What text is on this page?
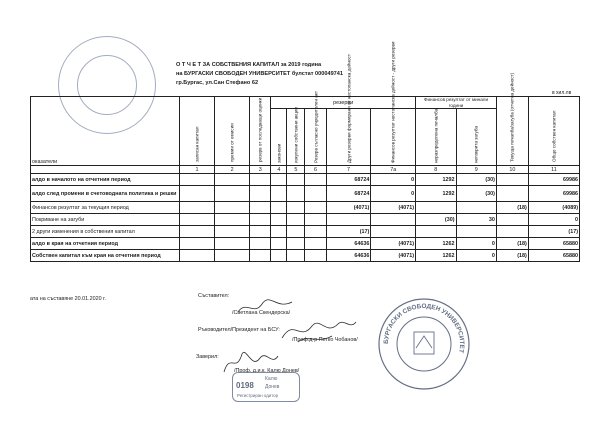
О Т Ч Е Т ЗА СОБСТВЕНИЯ КАПИТАЛ за 2019 година
на БУРГАСКИ СВОБОДЕН УНИВЕРСИТЕТ булстат 000049741
гр.Бургас, ул.Сан Стефано 62
в хил.лв
оказатели	записан капитал	премии от емисии	резерв от последващи оценки	резерви					Финансов резултат от минали години		Текуща печалба/загуба (отчетна дейност)	Общо собствен капитал

				законови	изкупени собствени акции	Резерв съгласно учредителен акт	Други резерви формирани от нестопанска дейност	Финансов резултат нестопанска дейност - други резерви	неразпределена печалба	непокрита загуба		

	1	2	3	4	5	6	7	7a	8	9	10	11
алдо в началото на отчетния период							68724	0	1292	(30)		69986
алдо след промени в счетоводната политика и решки							68724	0	1292	(30)		69986
Финансов резултат за текущия период							(4071)	(4071)			(18)	(4089)
Покриване на загуби									(30)	30		0
2 други изменения в собствения капитал							(17)					(17)
алдо в края на отчетния период							64636	(4071)	1262	0	(18)	65880
Собствен капитал към края на отчетния период							64636	(4071)	1262	0	(18)	65880
ата на съставяне 20.01.2020 г.	Съставител:
/Светлана Скендерска/
Ръководител/Президент на БСУ:
/Проф.д-р Петко Чобанов/
Заверил:
/Проф. д.и.к. Калю Донев/
0198
Калю
Донев
Регистриран одитор
БУРГАСКИ СВОБОДЕН УНИВЕРСИТЕТ
